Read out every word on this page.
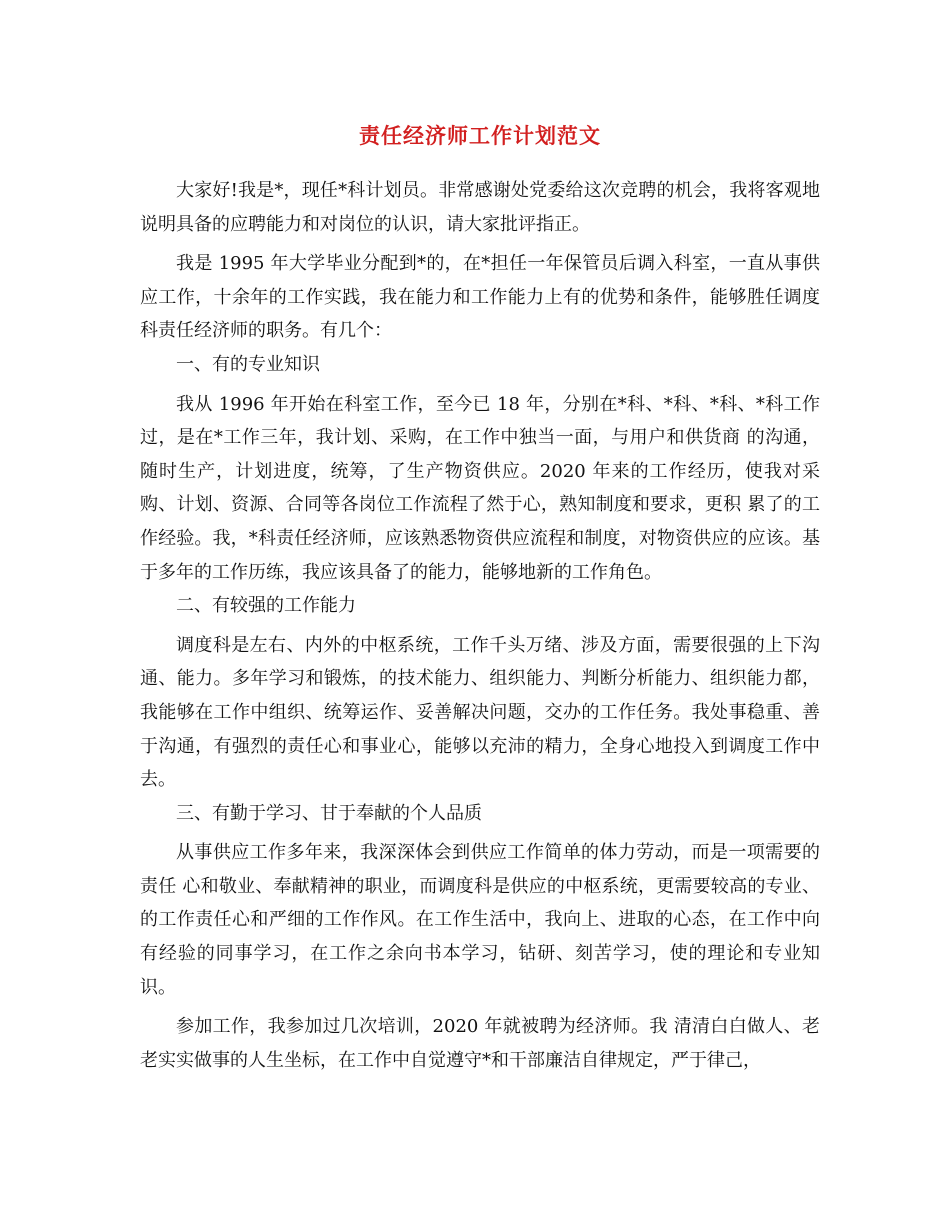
责任经济师工作计划范文

大家好!我是*，现任*科计划员。非常感谢处党委给这次竞聘的机会，我将客观地说明具备的应聘能力和对岗位的认识，请大家批评指正。

我是 1995 年大学毕业分配到*的，在*担任一年保管员后调入科室，一直从事供应工作，十余年的工作实践，我在能力和工作能力上有的优势和条件，能够胜任调度科责任经济师的职务。有几个：

一、有的专业知识

我从 1996 年开始在科室工作，至今已 18 年，分别在*科、*科、*科、*科工作过，是在*工作三年，我计划、采购，在工作中独当一面，与用户和供货商 的沟通，随时生产，计划进度，统筹，了生产物资供应。2020 年来的工作经历，使我对采购、计划、资源、合同等各岗位工作流程了然于心，熟知制度和要求，更积 累了的工作经验。我，*科责任经济师，应该熟悉物资供应流程和制度，对物资供应的应该。基于多年的工作历练，我应该具备了的能力，能够地新的工作角色。

二、有较强的工作能力

调度科是左右、内外的中枢系统，工作千头万绪、涉及方面，需要很强的上下沟通、能力。多年学习和锻炼，的技术能力、组织能力、判断分析能力、组织能力都，我能够在工作中组织、统筹运作、妥善解决问题，交办的工作任务。我处事稳重、善于沟通，有强烈的责任心和事业心，能够以充沛的精力，全身心地投入到调度工作中去。

三、有勤于学习、甘于奉献的个人品质

从事供应工作多年来，我深深体会到供应工作简单的体力劳动，而是一项需要的责任 心和敬业、奉献精神的职业，而调度科是供应的中枢系统，更需要较高的专业、的工作责任心和严细的工作作风。在工作生活中，我向上、进取的心态，在工作中向 有经验的同事学习，在工作之余向书本学习，钻研、刻苦学习，使的理论和专业知识。

参加工作，我参加过几次培训，2020 年就被聘为经济师。我 清清白白做人、老老实实做事的人生坐标，在工作中自觉遵守*和干部廉洁自律规定，严于律己，
